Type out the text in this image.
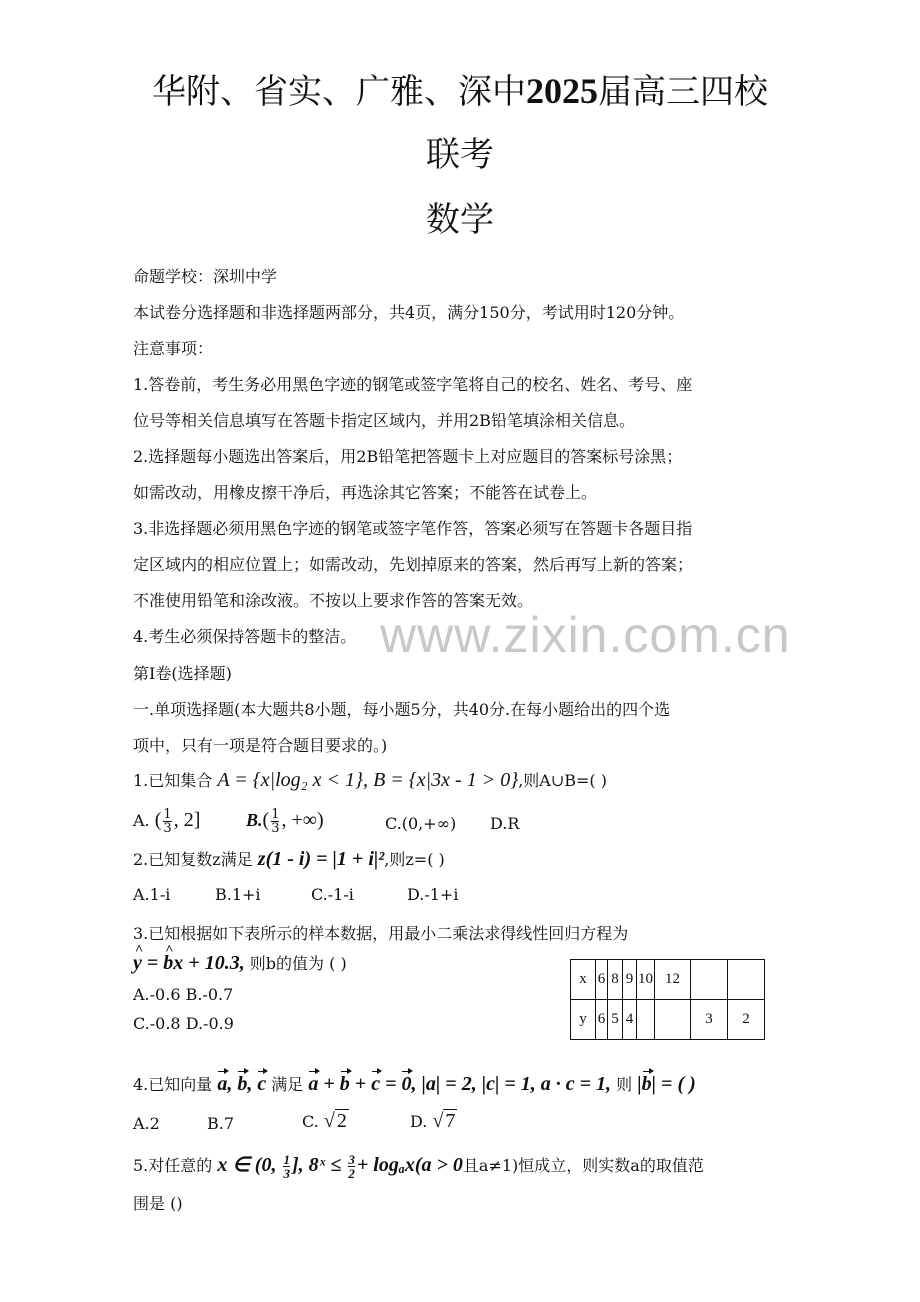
华附、省实、广雅、深中2025届高三四校
联考
数学

命题学校：深圳中学

本试卷分选择题和非选择题两部分，共4页，满分150分，考试用时120分钟。

注意事项：

1.答卷前，考生务必用黑色字迹的钢笔或签字笔将自己的校名、姓名、考号、座

位号等相关信息填写在答题卡指定区域内，并用2B铅笔填涂相关信息。

2.选择题每小题选出答案后，用2B铅笔把答题卡上对应题目的答案标号涂黑；

如需改动，用橡皮擦干净后，再选涂其它答案；不能答在试卷上。

3.非选择题必须用黑色字迹的钢笔或签字笔作答，答案必须写在答题卡各题目指

定区域内的相应位置上；如需改动，先划掉原来的答案，然后再写上新的答案；

不准使用铅笔和涂改液。不按以上要求作答的答案无效。

4.考生必须保持答题卡的整洁。

第Ⅰ卷(选择题)

一.单项选择题(本大题共8小题，每小题5分，共40分.在每小题给出的四个选

项中，只有一项是符合题目要求的。)

1.已知集合 A = {x|log₂ x < 1}, B = {x|3x - 1 > 0},则A∪B=( )

A. ( $\frac{1}{3}$ , 2]	$B.( \frac{1}{3}$ , +∞)	C.(0,+∞) D.R

2.已知复数z满足 z(1 - i) = |1 + i|²,则z=( )

A.1-i	B.1+i	C.-1-i	D.-1+i

3.已知根据如下表所示的样本数据，用最小二乘法求得线性回归方程为

^ y = ^ bx + 10.3, 则b的值为 ( )

A.-0.6 B.-0.7
C.-0.8 D.-0.9
x	6	8	9	10	12		
y	6	5	4			3	2

4.已知向量 a, b, c 满足 a + b + c = 0, |a| = 2, |c| = 1, a · c = 1, 则 |b| = ( )

A.2	B.7	C. √ 2	D. √ 7

5.对任意的 x ∈ (0, $\frac{1}{3}$ ], 8ˣ ≤ $\frac{3}{2} + \log_ax(a > 0$且a≠1)恒成立，则实数a的取值范

围是 ()

www.zixin.com.cn
